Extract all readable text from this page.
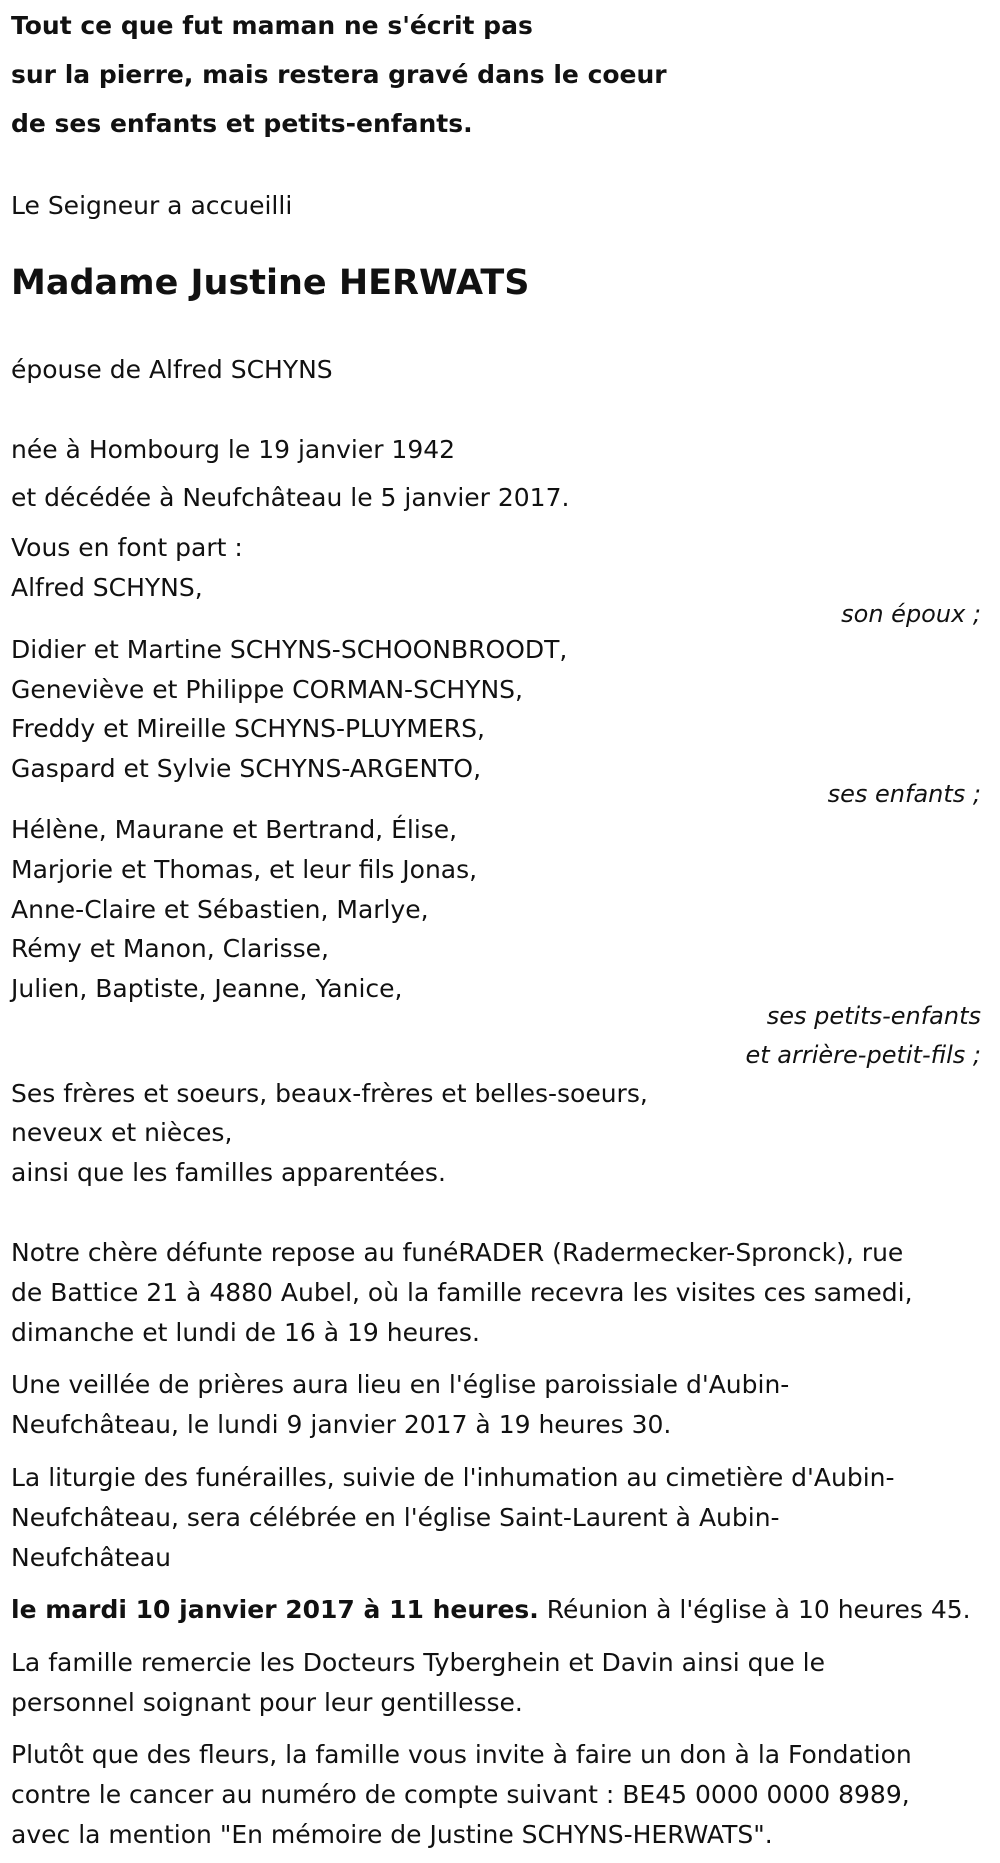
Tout ce que fut maman ne s'écrit pas
sur la pierre, mais restera gravé dans le coeur
de ses enfants et petits-enfants.
Le Seigneur a accueilli
Madame Justine HERWATS
épouse de Alfred SCHYNS
née à Hombourg le 19 janvier 1942
et décédée à Neufchâteau le 5 janvier 2017.
Vous en font part :
Alfred SCHYNS,
son époux ;
Didier et Martine SCHYNS-SCHOONBROODT,
Geneviève et Philippe CORMAN-SCHYNS,
Freddy et Mireille SCHYNS-PLUYMERS,
Gaspard et Sylvie SCHYNS-ARGENTO,
ses enfants ;
Hélène, Maurane et Bertrand, Élise,
Marjorie et Thomas, et leur fils Jonas,
Anne-Claire et Sébastien, Marlye,
Rémy et Manon, Clarisse,
Julien, Baptiste, Jeanne, Yanice,
ses petits-enfants
et arrière-petit-fils ;
Ses frères et soeurs, beaux-frères et belles-soeurs,
neveux et nièces,
ainsi que les familles apparentées.
Notre chère défunte repose au funéRADER (Radermecker-Spronck), rue
de Battice 21 à 4880 Aubel, où la famille recevra les visites ces samedi,
dimanche et lundi de 16 à 19 heures.
Une veillée de prières aura lieu en l'église paroissiale d'Aubin-
Neufchâteau, le lundi 9 janvier 2017 à 19 heures 30.
La liturgie des funérailles, suivie de l'inhumation au cimetière d'Aubin-
Neufchâteau, sera célébrée en l'église Saint-Laurent à Aubin-
Neufchâteau
le mardi 10 janvier 2017 à 11 heures. Réunion à l'église à 10 heures 45.
La famille remercie les Docteurs Tyberghein et Davin ainsi que le
personnel soignant pour leur gentillesse.
Plutôt que des fleurs, la famille vous invite à faire un don à la Fondation
contre le cancer au numéro de compte suivant : BE45 0000 0000 8989,
avec la mention "En mémoire de Justine SCHYNS-HERWATS".
